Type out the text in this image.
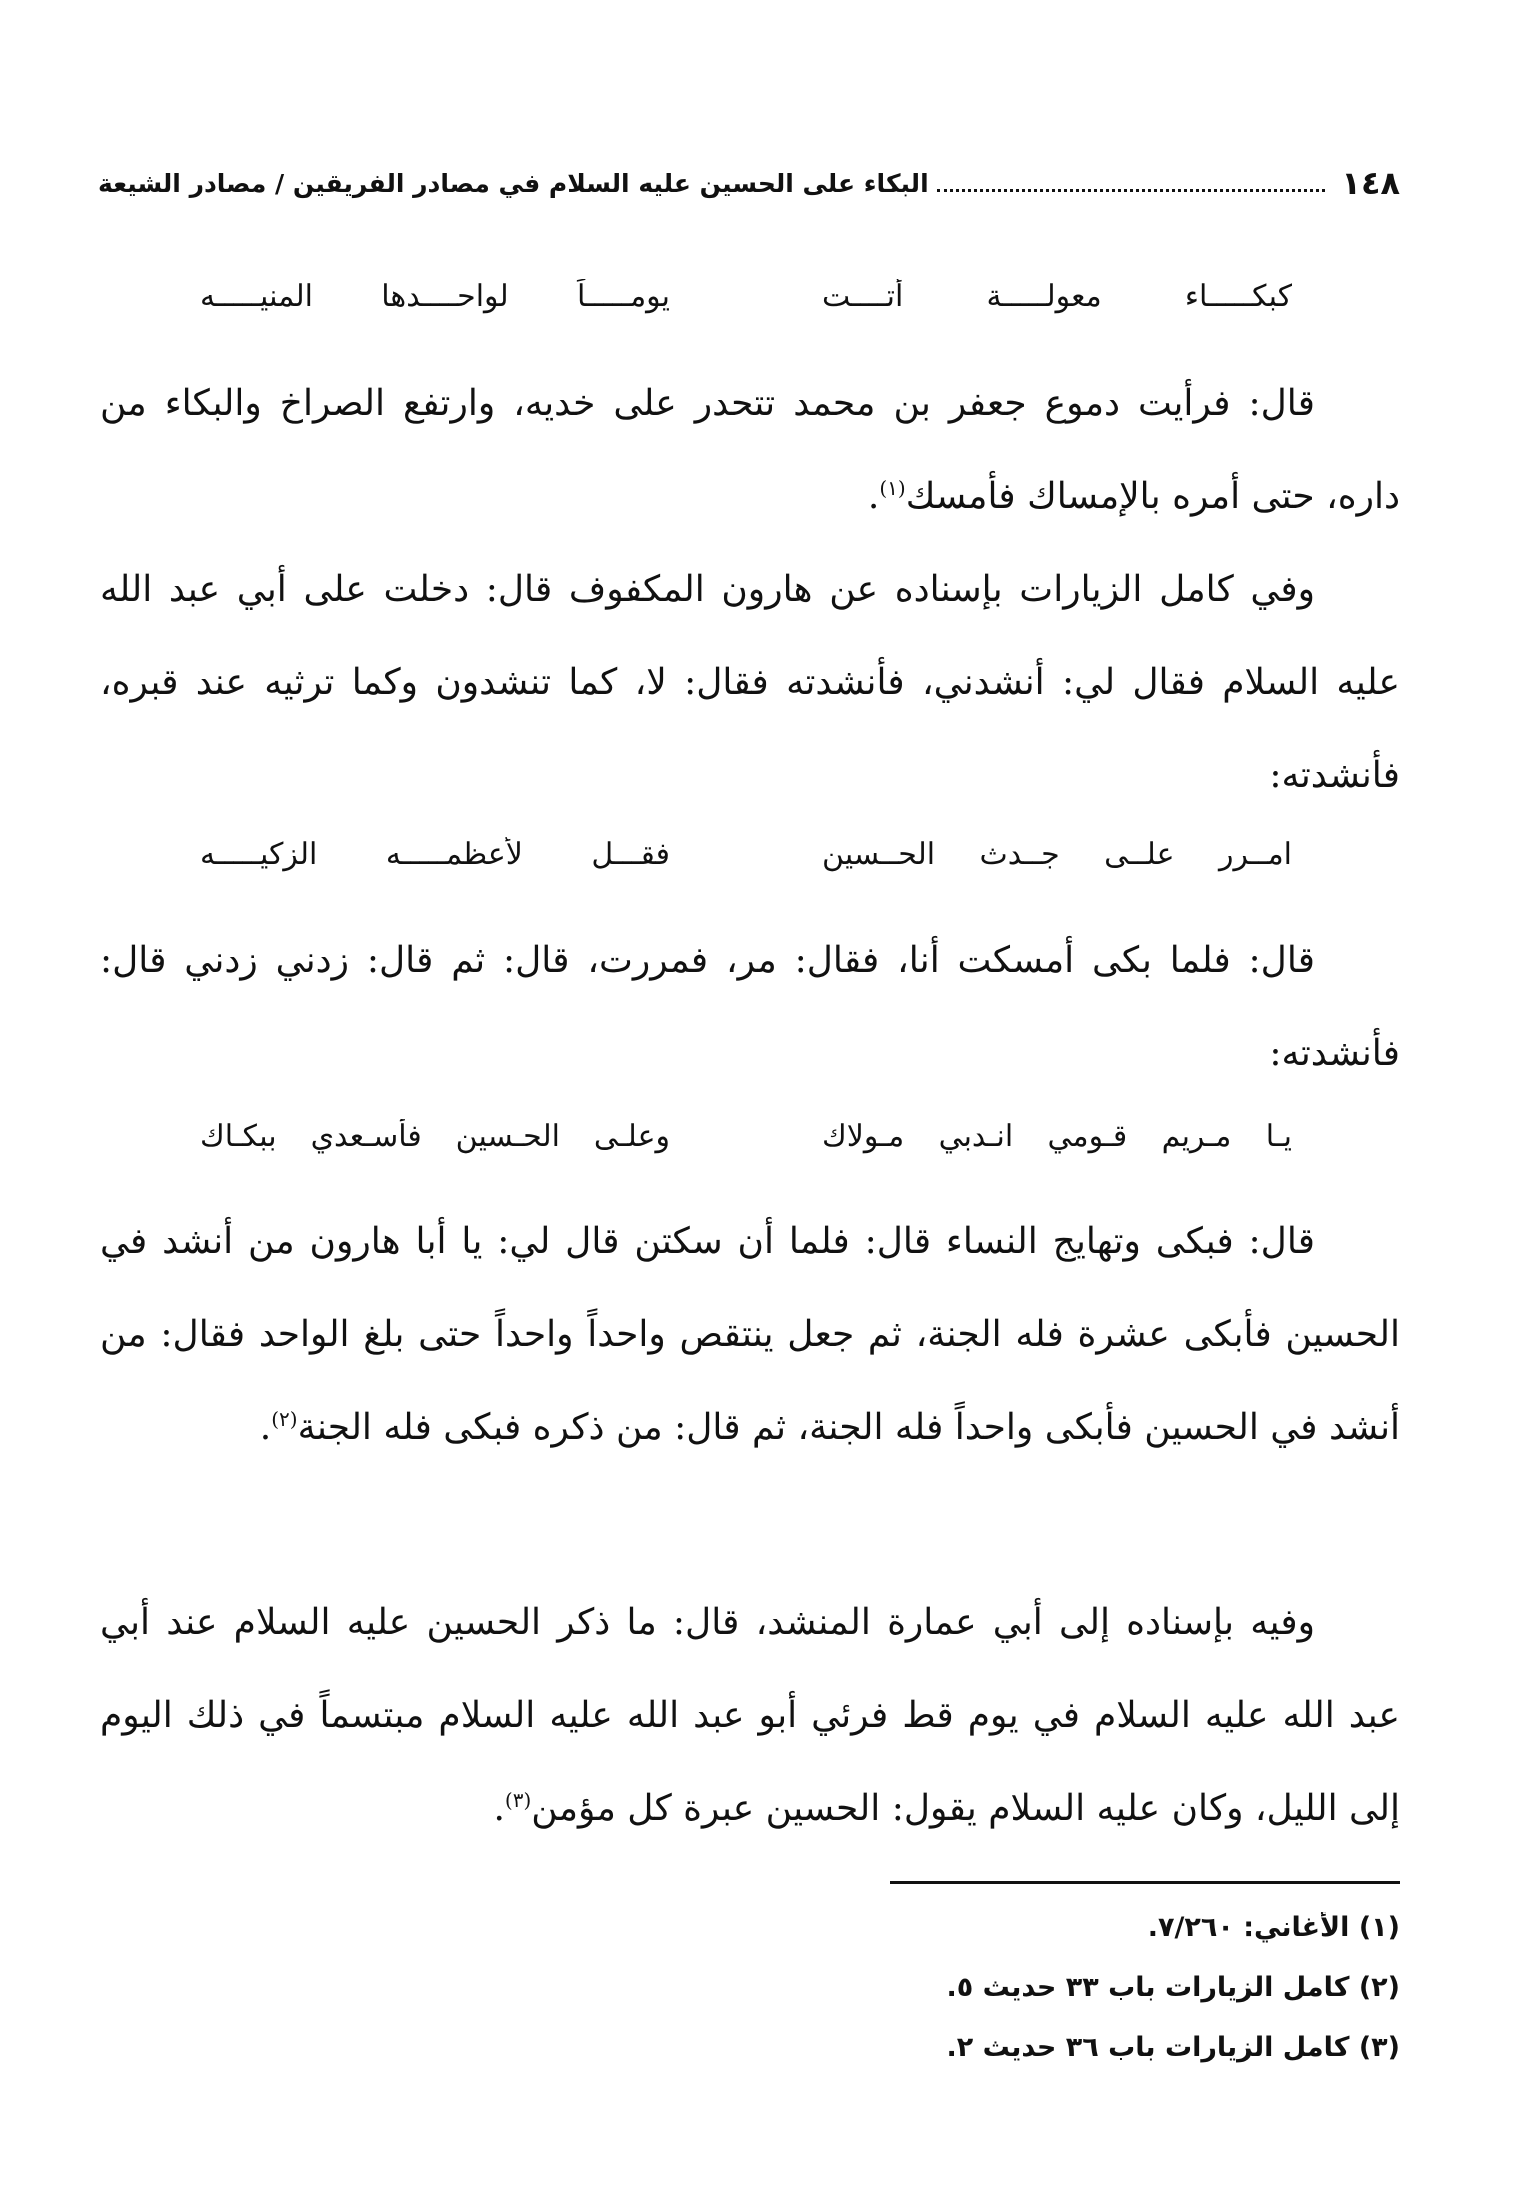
١٤٨
البكاء على الحسين عليه السلام في مصادر الفريقين / مصادر الشيعة
كبكـــــاء معولـــــة أتــــت
يومـــــاً لواحــــدها المنيـــــه
قال: فرأيت دموع جعفر بن محمد تتحدر على خديه، وارتفع الصراخ والبكاء من داره، حتى أمره بالإمساك فأمسك$^{(١)}$.
وفي كامل الزيارات بإسناده عن هارون المكفوف قال: دخلت على أبي عبد الله عليه السلام فقال لي: أنشدني، فأنشدته فقال: لا، كما تنشدون وكما ترثيه عند قبره، فأنشدته:
امــرر علــى جــدث الحــسين
فقـــل لأعظمـــــه الزكيـــــه
قال: فلما بكى أمسكت أنا، فقال: مر، فمررت، قال: ثم قال: زدني زدني قال: فأنشدته:
يـا مـريم قـومي انـدبي مـولاك
وعلـى الحـسين فأسـعدي ببكـاك
قال: فبكى وتهايج النساء قال: فلما أن سكتن قال لي: يا أبا هارون من أنشد في الحسين فأبكى عشرة فله الجنة، ثم جعل ينتقص واحداً واحداً حتى بلغ الواحد فقال: من أنشد في الحسين فأبكى واحداً فله الجنة، ثم قال: من ذكره فبكى فله الجنة$^{(٢)}$.
وفيه بإسناده إلى أبي عمارة المنشد، قال: ما ذكر الحسين عليه السلام عند أبي عبد الله عليه السلام في يوم قط فرئي أبو عبد الله عليه السلام مبتسماً في ذلك اليوم إلى الليل، وكان عليه السلام يقول: الحسين عبرة كل مؤمن$^{(٣)}$.
(١) الأغاني: ٧/٢٦٠.
(٢) كامل الزيارات باب ٣٣ حديث ٥.
(٣) كامل الزيارات باب ٣٦ حديث ٢.
